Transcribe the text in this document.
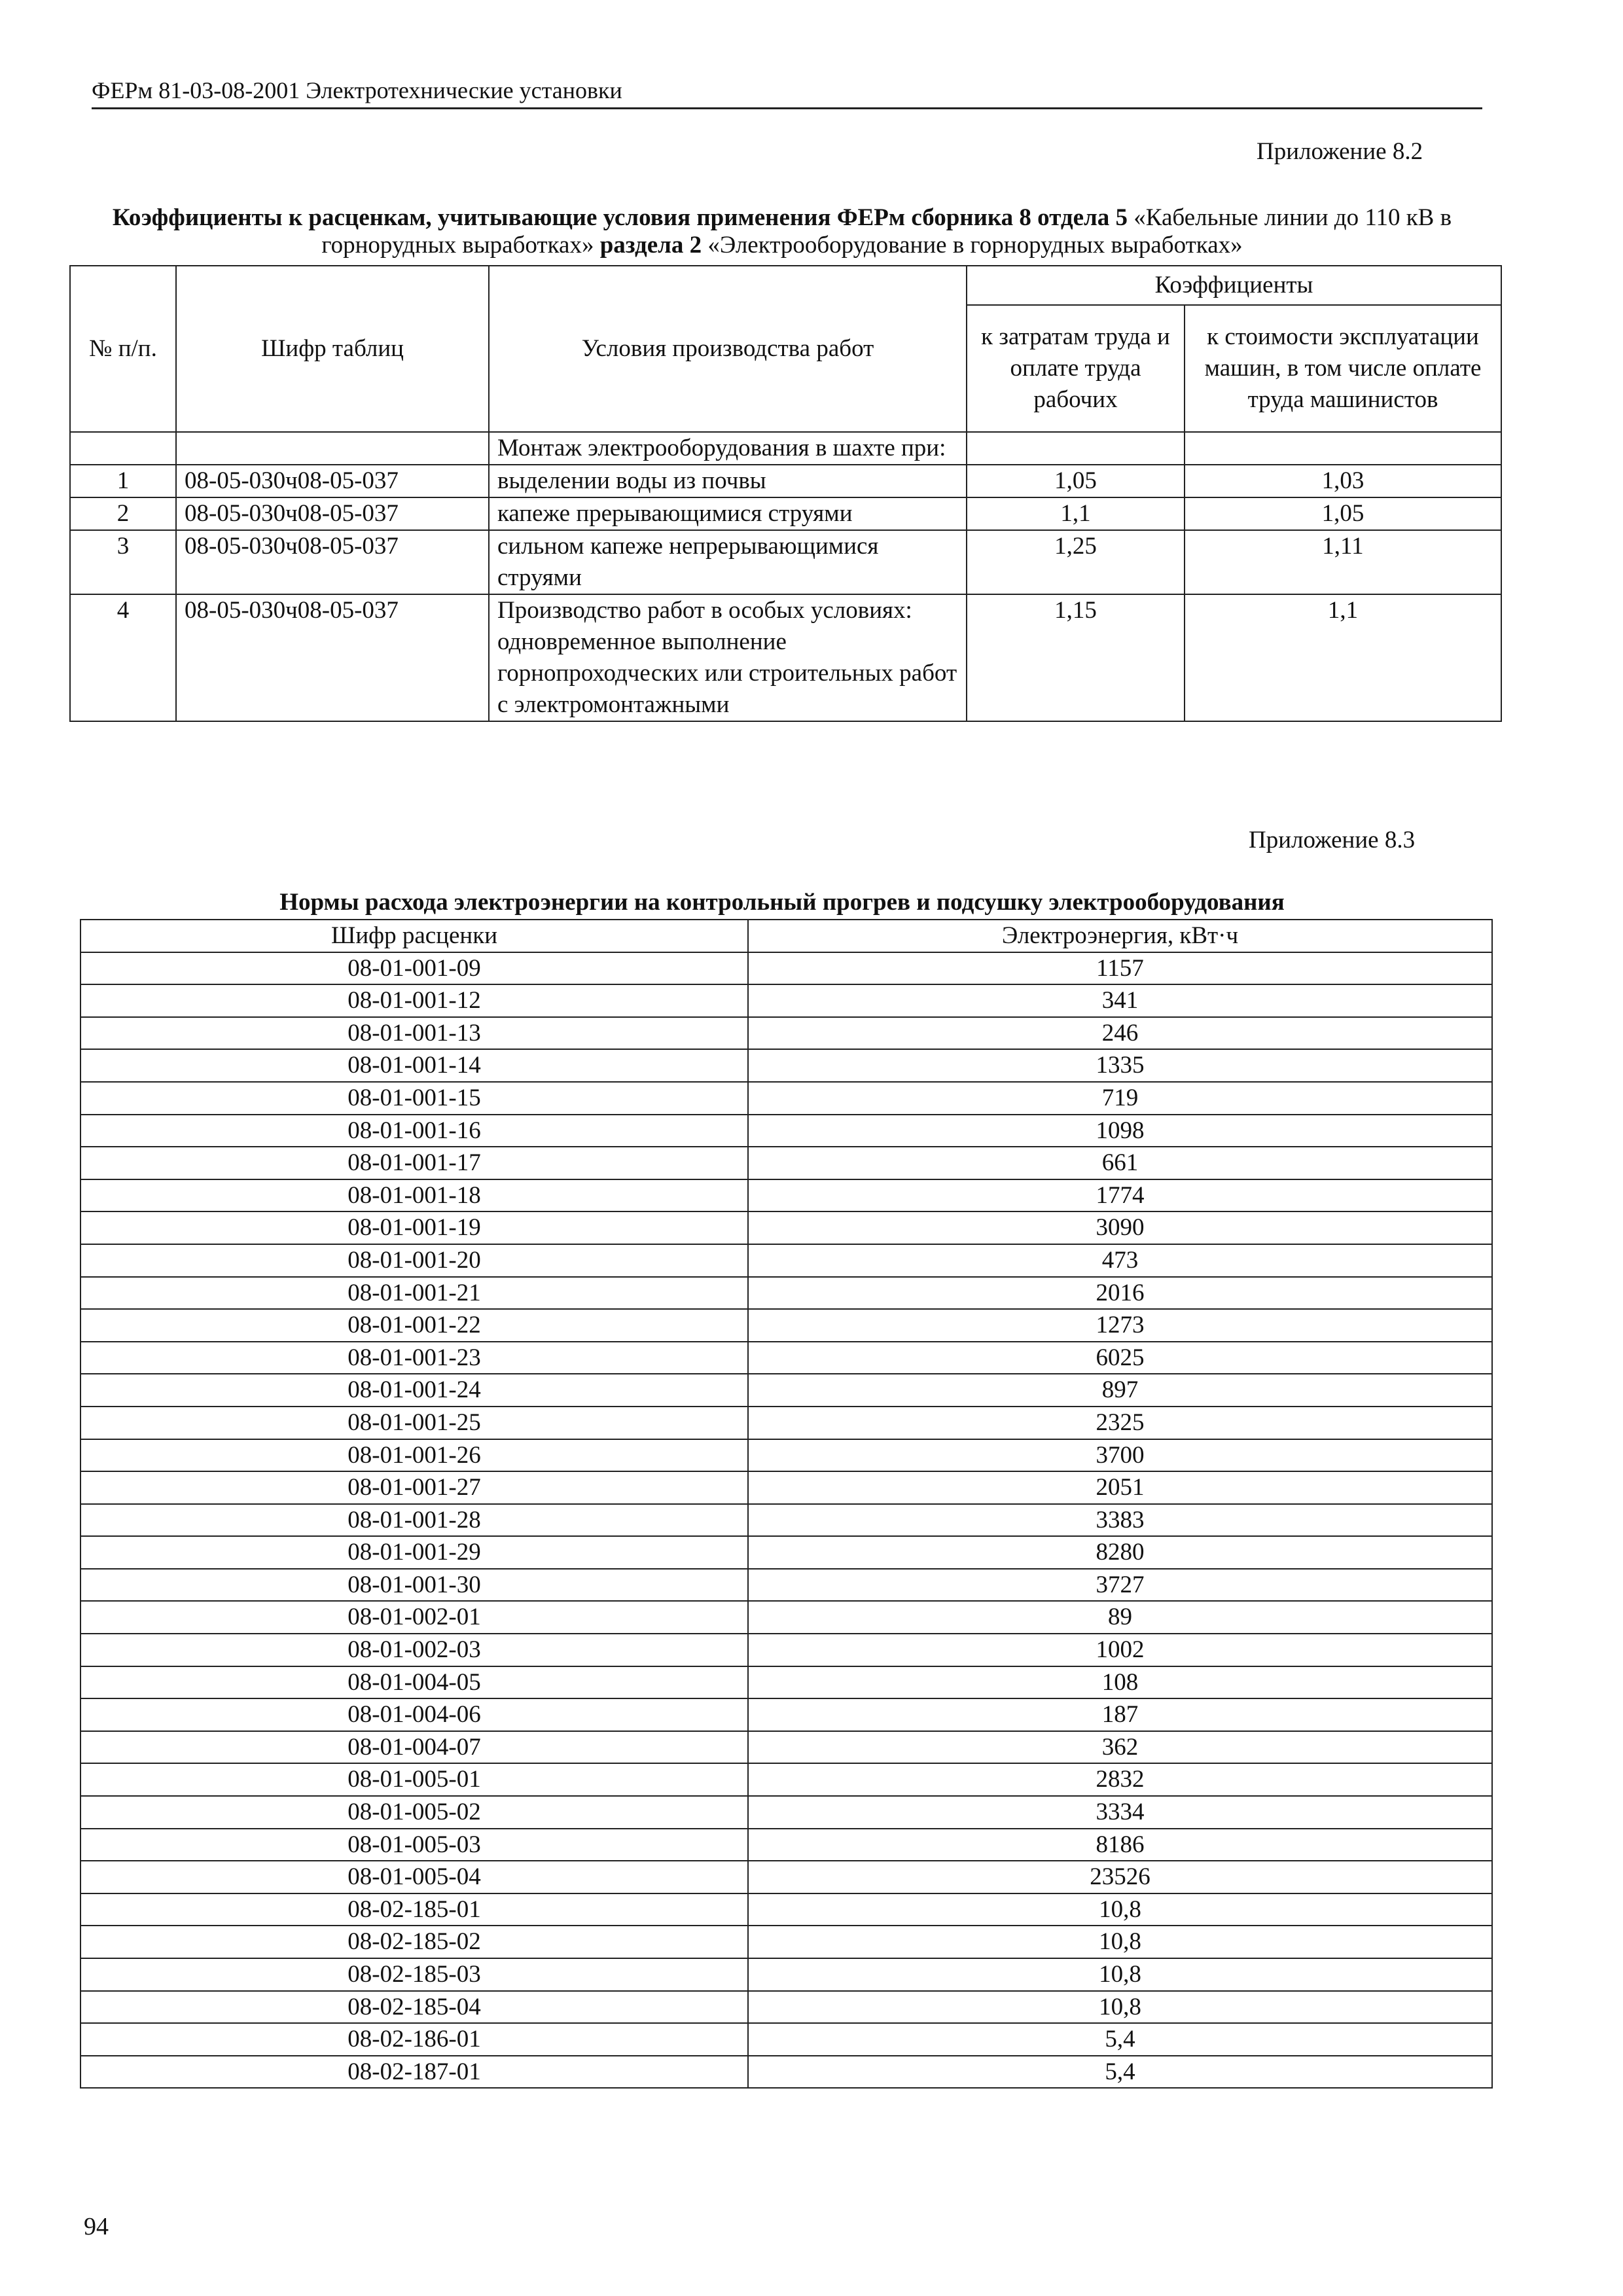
ФЕРм 81-03-08-2001 Электротехнические установки
Приложение 8.2
Коэффициенты к расценкам, учитывающие условия применения ФЕРм сборника 8 отдела 5 «Кабельные линии до 110 кВ в горнорудных выработках» раздела 2 «Электрооборудование в горнорудных выработках»
№ п/п.	Шифр таблиц	Условия производства работ	Коэффициенты	
			к затратам труда и оплате труда рабочих	к стоимости эксплуатации машин, в том числе оплате труда машинистов
		Монтаж электрооборудования в шахте при:		
1	08-05-030ч08-05-037	выделении воды из почвы	1,05	1,03
2	08-05-030ч08-05-037	капеже прерывающимися струями	1,1	1,05
3	08-05-030ч08-05-037	сильном капеже непрерывающимися струями	1,25	1,11
4	08-05-030ч08-05-037	Производство работ в особых условиях: одновременное выполнение горнопроходческих или строительных работ с электромонтажными	1,15	1,1
Приложение 8.3
Нормы расхода электроэнергии на контрольный прогрев и подсушку электрооборудования
Шифр расценки	Электроэнергия, кВт·ч
08-01-001-09	1157
08-01-001-12	341
08-01-001-13	246
08-01-001-14	1335
08-01-001-15	719
08-01-001-16	1098
08-01-001-17	661
08-01-001-18	1774
08-01-001-19	3090
08-01-001-20	473
08-01-001-21	2016
08-01-001-22	1273
08-01-001-23	6025
08-01-001-24	897
08-01-001-25	2325
08-01-001-26	3700
08-01-001-27	2051
08-01-001-28	3383
08-01-001-29	8280
08-01-001-30	3727
08-01-002-01	89
08-01-002-03	1002
08-01-004-05	108
08-01-004-06	187
08-01-004-07	362
08-01-005-01	2832
08-01-005-02	3334
08-01-005-03	8186
08-01-005-04	23526
08-02-185-01	10,8
08-02-185-02	10,8
08-02-185-03	10,8
08-02-185-04	10,8
08-02-186-01	5,4
08-02-187-01	5,4
94
